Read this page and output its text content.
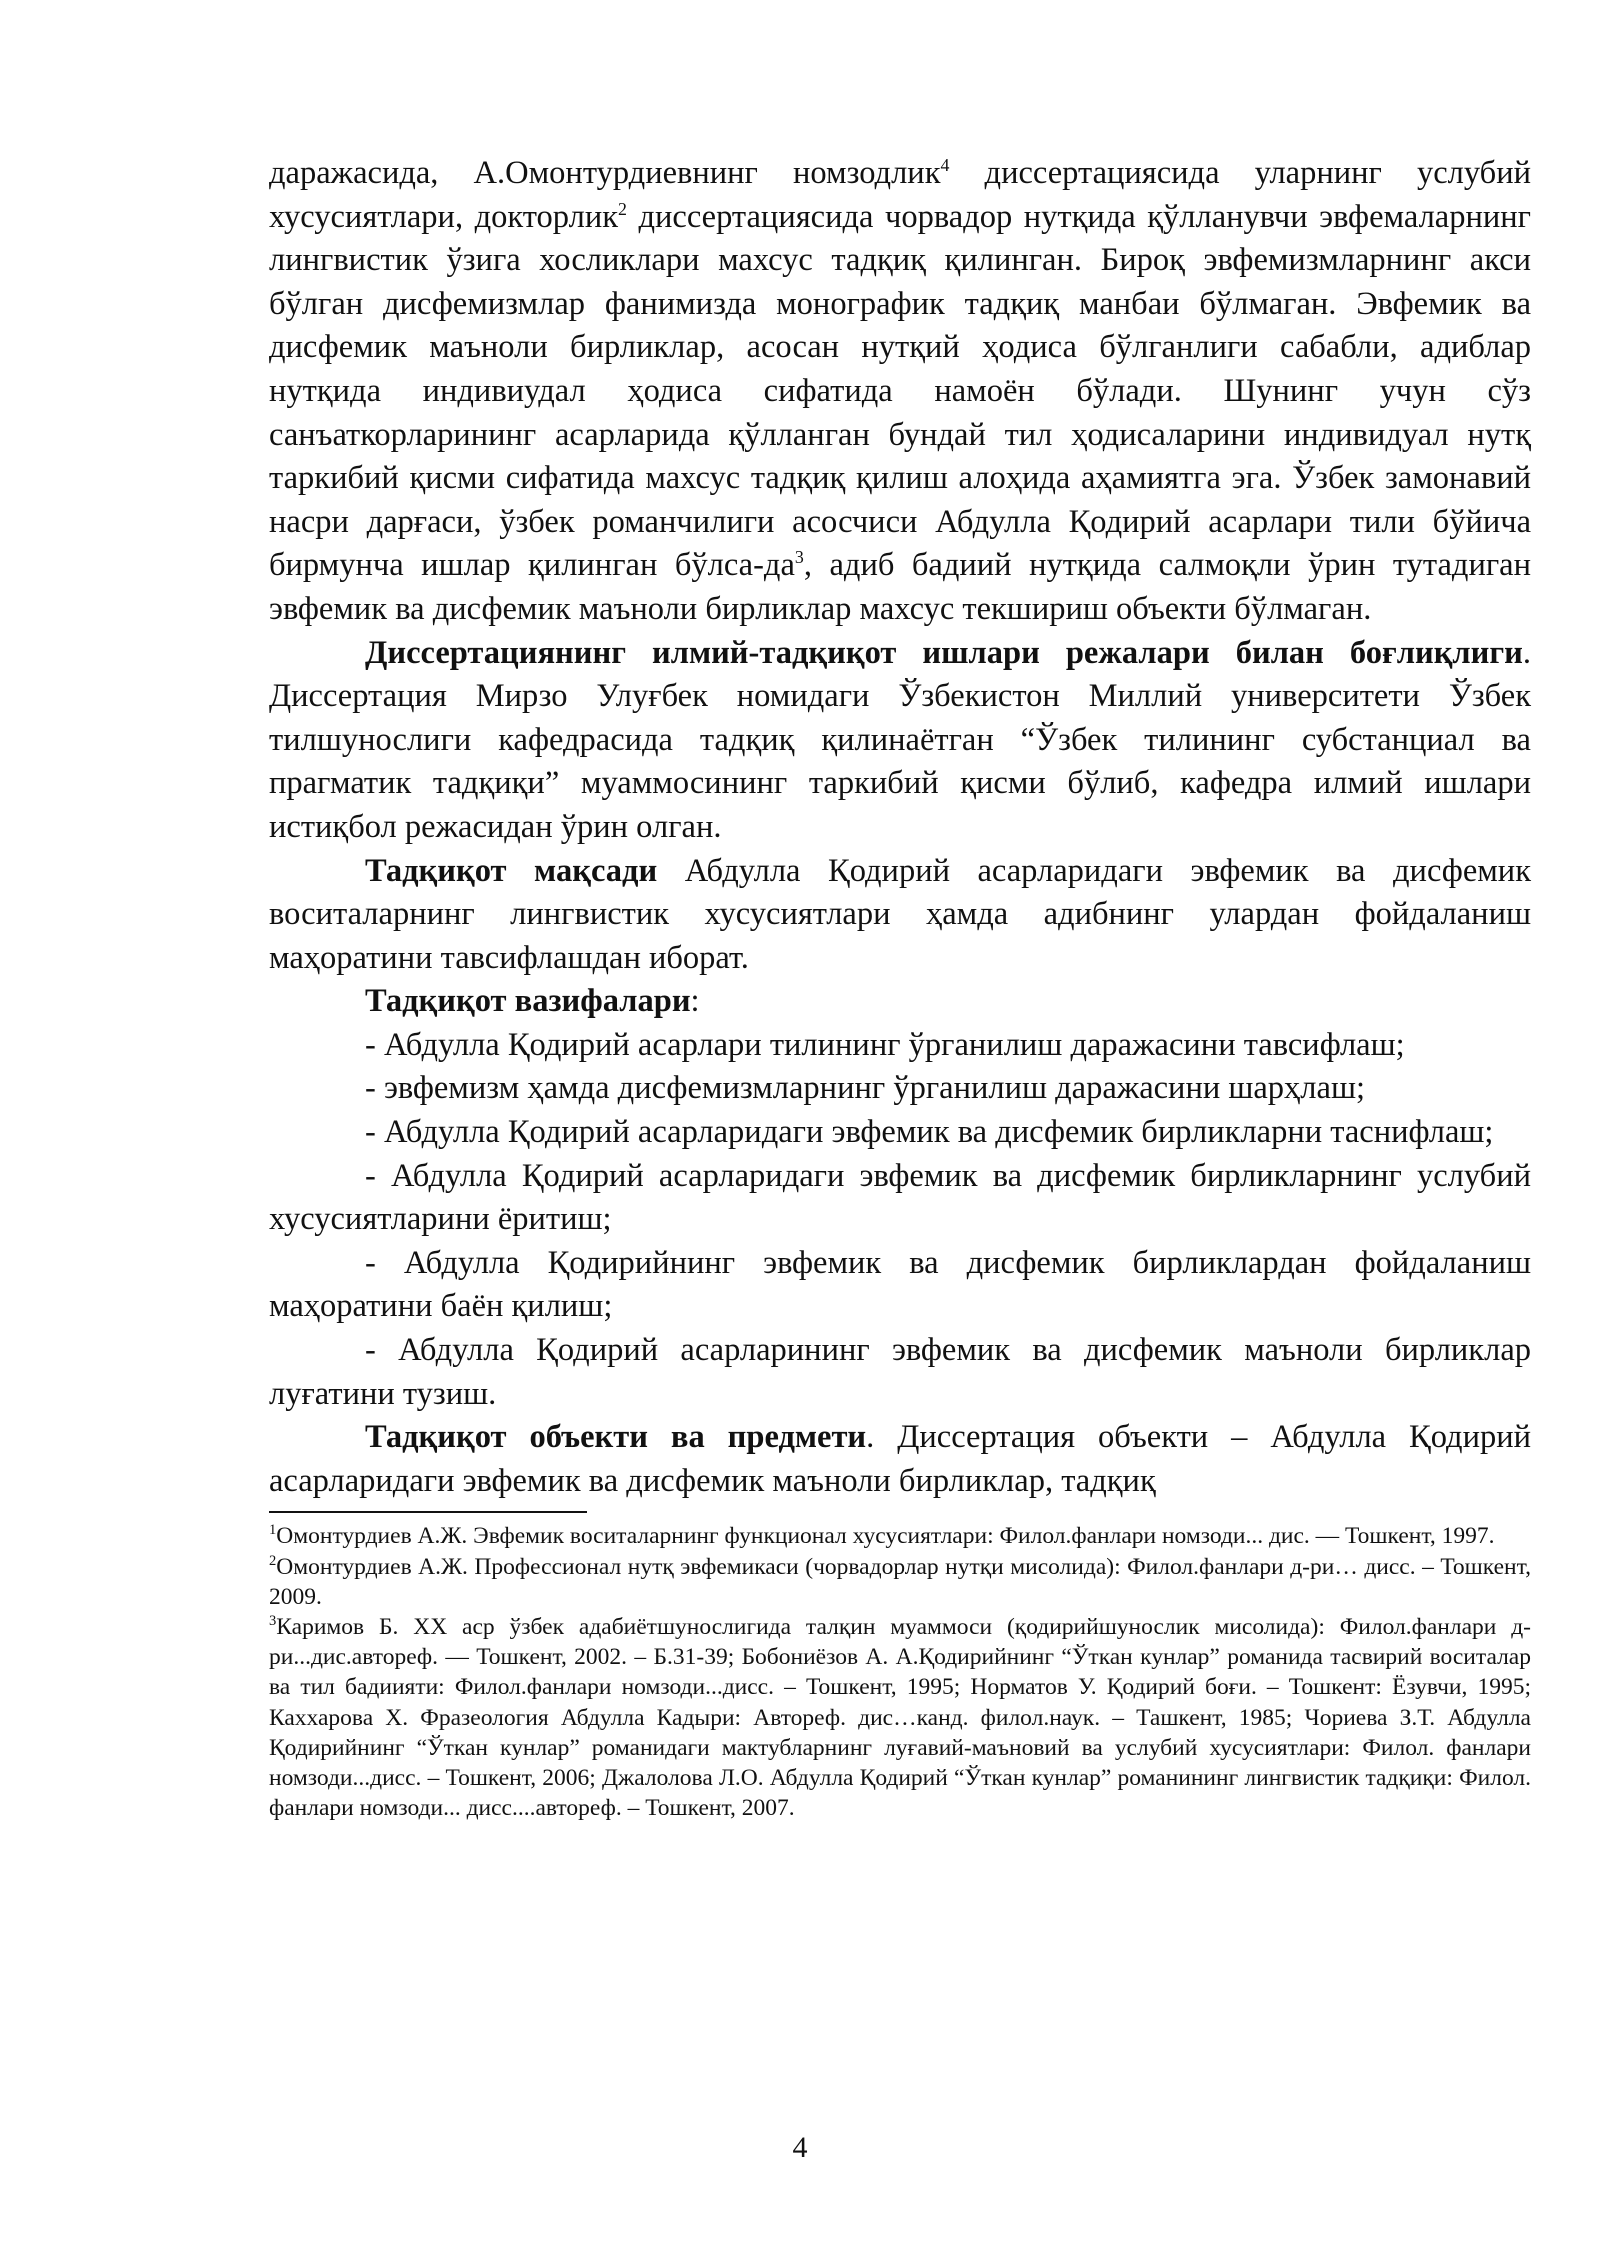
даражасида, А.Омонтурдиевнинг номзодлик$^4$ диссертациясида уларнинг услубий хусусиятлари, докторлик$^2$ диссертациясида чорвадор нутқида қўлланувчи эвфемаларнинг лингвистик ўзига хосликлари махсус тадқиқ қилинган. Бироқ эвфемизмларнинг акси бўлган дисфемизмлар фанимизда монографик тадқиқ манбаи бўлмаган. Эвфемик ва дисфемик маъноли бирликлар, асосан нутқий ҳодиса бўлганлиги сабабли, адиблар нутқида индивиудал ҳодиса сифатида намоён бўлади. Шунинг учун сўз санъаткорларининг асарларида қўлланган бундай тил ҳодисаларини индивидуал нутқ таркибий қисми сифатида махсус тадқиқ қилиш алоҳида аҳамиятга эга. Ўзбек замонавий насри дарғаси, ўзбек романчилиги асосчиси Абдулла Қодирий асарлари тили бўйича бирмунча ишлар қилинган бўлса-$да^3$, адиб бадиий нутқида салмоқли ўрин тутадиган эвфемик ва дисфемик маъноли бирликлар махсус текшириш объекти бўлмаган.

Диссертациянинг илмий-тадқиқот ишлари режалари билан боғлиқлиги. Диссертация Мирзо Улуғбек номидаги Ўзбекистон Миллий университети Ўзбек тилшунослиги кафедрасида тадқиқ қилинаётган “Ўзбек тилининг субстанциал ва прагматик тадқиқи” муаммосининг таркибий қисми бўлиб, кафедра илмий ишлари истиқбол режасидан ўрин олган.

Тадқиқот мақсади Абдулла Қодирий асарларидаги эвфемик ва дисфемик воситаларнинг лингвистик хусусиятлари ҳамда адибнинг улардан фойдаланиш маҳоратини тавсифлашдан иборат.

Тадқиқот вазифалари:

- Абдулла Қодирий асарлари тилининг ўрганилиш даражасини тавсифлаш;

- эвфемизм ҳамда дисфемизмларнинг ўрганилиш даражасини шарҳлаш;

- Абдулла Қодирий асарларидаги эвфемик ва дисфемик бирликларни таснифлаш;

- Абдулла Қодирий асарларидаги эвфемик ва дисфемик бирликларнинг услубий хусусиятларини ёритиш;

- Абдулла Қодирийнинг эвфемик ва дисфемик бирликлардан фойдаланиш маҳоратини баён қилиш;

- Абдулла Қодирий асарларининг эвфемик ва дисфемик маъноли бирликлар луғатини тузиш.

Тадқиқот объекти ва предмети. Диссертация объекти – Абдулла Қодирий асарларидаги эвфемик ва дисфемик маъноли бирликлар, тадқиқ

$^1$Омонтурдиев А.Ж. Эвфемик воситаларнинг функционал хусусиятлари: Филол.фанлари номзоди... дис. — Тошкент, 1997.

$^2$Омонтурдиев А.Ж. Профессионал нутқ эвфемикаси (чорвадорлар нутқи мисолида): Филол.фанлари д-ри… дисс. – Тошкент, 2009.

$^3$Каримов Б. ХХ аср ўзбек адабиётшунослигида талқин муаммоси (қодирийшунослик мисолида): Филол.фанлари д-ри...дис.автореф. — Тошкент, 2002. – Б.31-39; Бобониёзов А. А.Қодирийнинг “Ўткан кунлар” романида тасвирий воситалар ва тил бадиияти: Филол.фанлари номзоди...дисс. – Тошкент, 1995; Норматов У. Қодирий боғи. – Тошкент: Ёзувчи, 1995; Каххарова Х. Фразеология Абдулла Кадыри: Автореф. дис…канд. филол.наук. – Ташкент, 1985; Чориева З.Т. Абдулла Қодирийнинг “Ўткан кунлар” романидаги мактубларнинг луғавий-маъновий ва услубий хусусиятлари: Филол. фанлари номзоди...дисс. – Тошкент, 2006; Джалолова Л.О. Абдулла Қодирий “Ўткан кунлар” романининг лингвистик тадқиқи: Филол. фанлари номзоди... дисс....автореф. – Тошкент, 2007.

4
